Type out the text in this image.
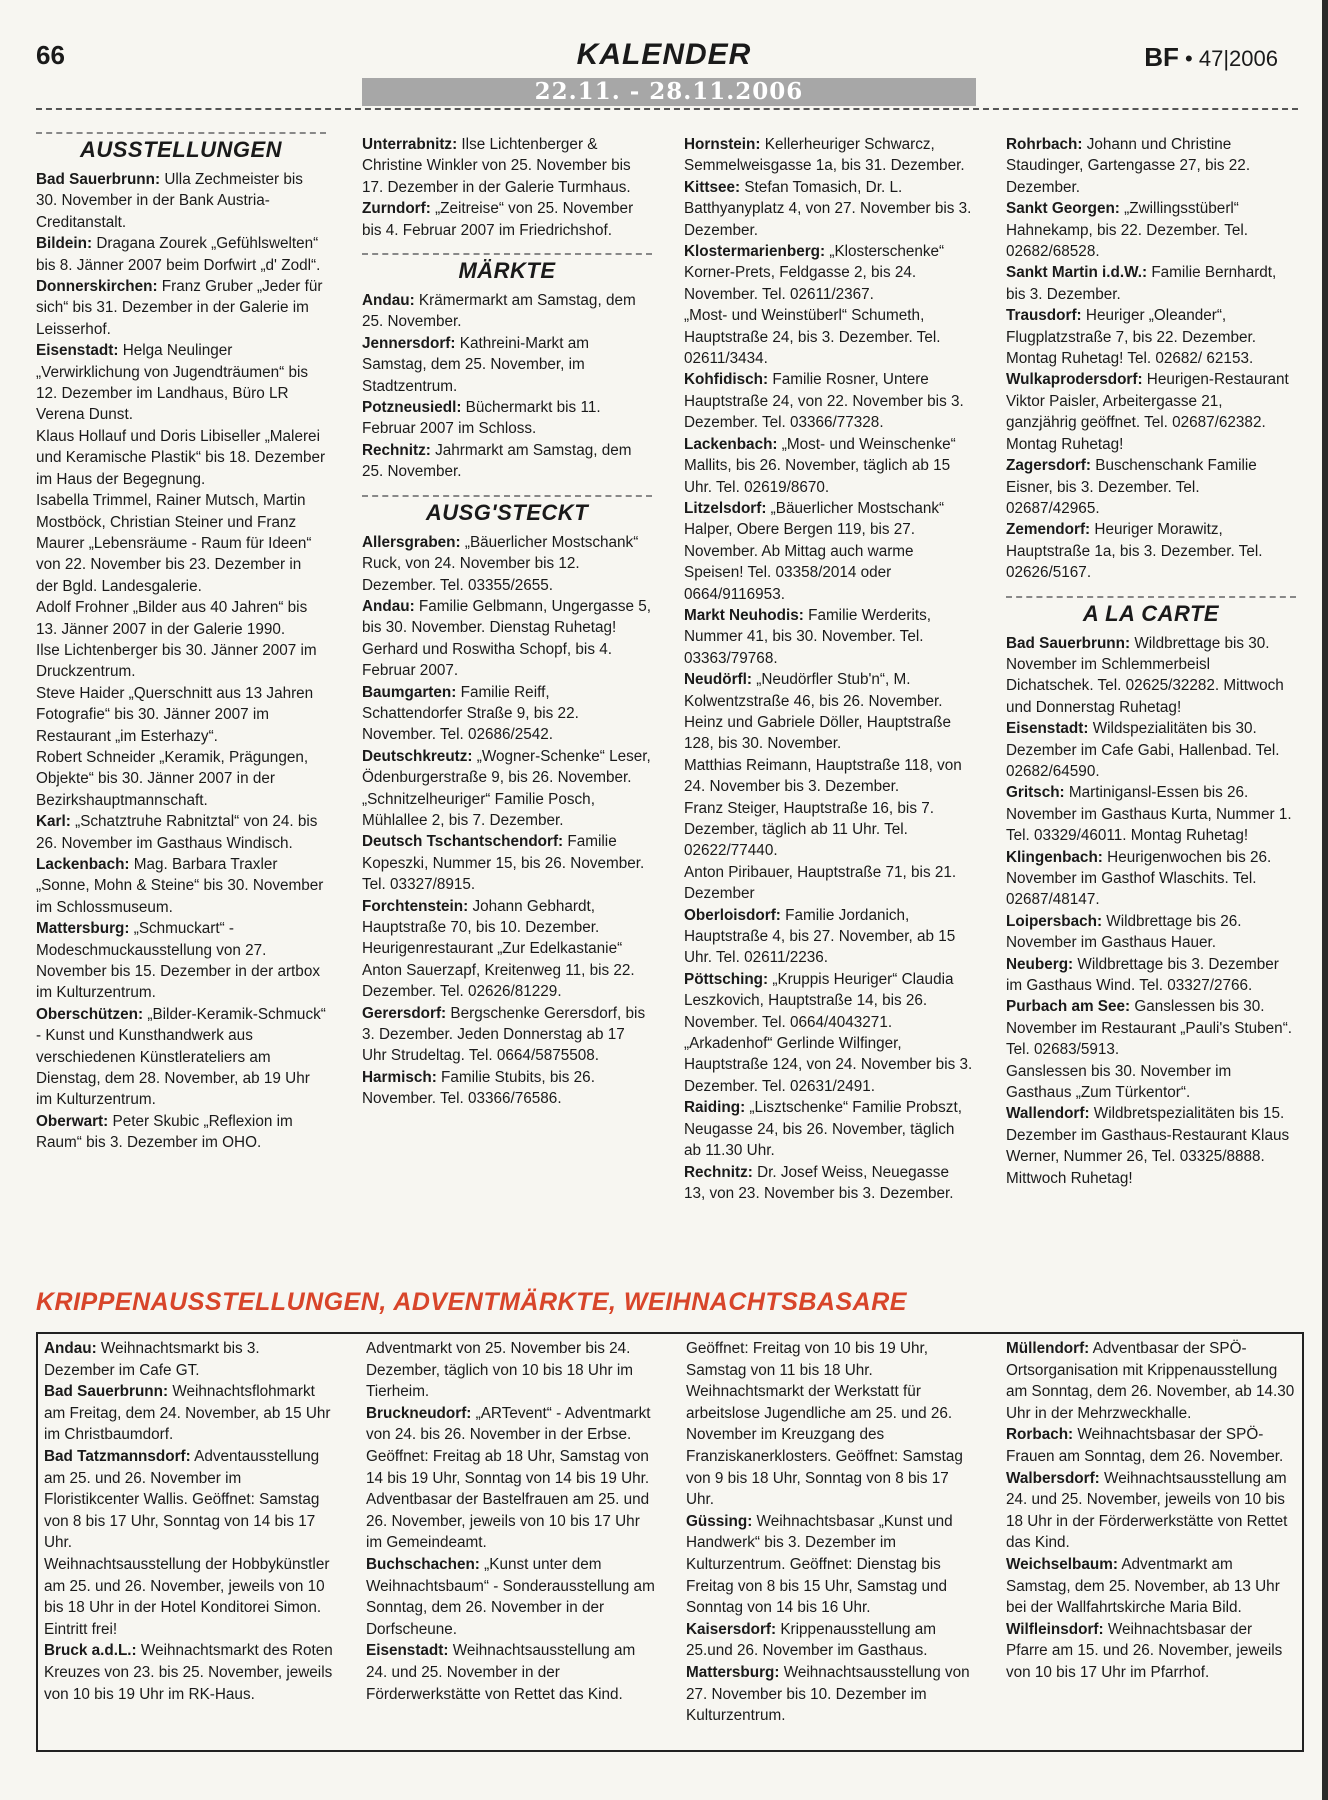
66	KALENDER	BF • 47|2006
22.11. - 28.11.2006
AUSSTELLUNGEN

Bad Sauerbrunn: Ulla Zechmeister bis 30. November in der Bank Austria-Creditanstalt.

Bildein: Dragana Zourek „Gefühlswelten“ bis 8. Jänner 2007 beim Dorfwirt „d' Zodl“.

Donnerskirchen: Franz Gruber „Jeder für sich“ bis 31. Dezember in der Galerie im Leisserhof.

Eisenstadt: Helga Neulinger „Verwirklichung von Jugendträumen“ bis 12. Dezember im Landhaus, Büro LR Verena Dunst.

Klaus Hollauf und Doris Libiseller „Malerei und Keramische Plastik“ bis 18. Dezember im Haus der Begegnung.

Isabella Trimmel, Rainer Mutsch, Martin Mostböck, Christian Steiner und Franz Maurer „Lebensräume - Raum für Ideen“ von 22. November bis 23. Dezember in der Bgld. Landesgalerie.

Adolf Frohner „Bilder aus 40 Jahren“ bis 13. Jänner 2007 in der Galerie 1990.

Ilse Lichtenberger bis 30. Jänner 2007 im Druckzentrum.

Steve Haider „Querschnitt aus 13 Jahren Fotografie“ bis 30. Jänner 2007 im Restaurant „im Esterhazy“.

Robert Schneider „Keramik, Prägungen, Objekte“ bis 30. Jänner 2007 in der Bezirkshauptmannschaft.

Karl: „Schatztruhe Rabnitztal“ von 24. bis 26. November im Gasthaus Windisch.

Lackenbach: Mag. Barbara Traxler „Sonne, Mohn & Steine“ bis 30. November im Schlossmuseum.

Mattersburg: „Schmuckart“ - Modeschmuckausstellung von 27. November bis 15. Dezember in der artbox im Kulturzentrum.

Oberschützen: „Bilder-Keramik-Schmuck“ - Kunst und Kunsthandwerk aus verschiedenen Künstlerateliers am Dienstag, dem 28. November, ab 19 Uhr im Kulturzentrum.

Oberwart: Peter Skubic „Reflexion im Raum“ bis 3. Dezember im OHO.

Unterrabnitz: Ilse Lichtenberger & Christine Winkler von 25. November bis 17. Dezember in der Galerie Turmhaus.

Zurndorf: „Zeitreise“ von 25. November bis 4. Februar 2007 im Friedrichshof.

MÄRKTE

Andau: Krämermarkt am Samstag, dem 25. November.

Jennersdorf: Kathreini-Markt am Samstag, dem 25. November, im Stadtzentrum.

Potzneusiedl: Büchermarkt bis 11. Februar 2007 im Schloss.

Rechnitz: Jahrmarkt am Samstag, dem 25. November.

AUSG'STECKT

Allersgraben: „Bäuerlicher Mostschank“ Ruck, von 24. November bis 12. Dezember. Tel. 03355/2655.

Andau: Familie Gelbmann, Ungergasse 5, bis 30. November. Dienstag Ruhetag!

Gerhard und Roswitha Schopf, bis 4. Februar 2007.

Baumgarten: Familie Reiff, Schattendorfer Straße 9, bis 22. November. Tel. 02686/2542.

Deutschkreutz: „Wogner-Schenke“ Leser, Ödenburgerstraße 9, bis 26. November.

„Schnitzelheuriger“ Familie Posch, Mühlallee 2, bis 7. Dezember.

Deutsch Tschantschendorf: Familie Kopeszki, Nummer 15, bis 26. November. Tel. 03327/8915.

Forchtenstein: Johann Gebhardt, Hauptstraße 70, bis 10. Dezember.

Heurigenrestaurant „Zur Edelkastanie“ Anton Sauerzapf, Kreitenweg 11, bis 22. Dezember. Tel. 02626/81229.

Gerersdorf: Bergschenke Gerersdorf, bis 3. Dezember. Jeden Donnerstag ab 17 Uhr Strudeltag. Tel. 0664/5875508.

Harmisch: Familie Stubits, bis 26. November. Tel. 03366/76586.

Hornstein: Kellerheuriger Schwarcz, Semmelweisgasse 1a, bis 31. Dezember.

Kittsee: Stefan Tomasich, Dr. L. Batthyanyplatz 4, von 27. November bis 3. Dezember.

Klostermarienberg: „Klosterschenke“ Korner-Prets, Feldgasse 2, bis 24. November. Tel. 02611/2367.

„Most- und Weinstüberl“ Schumeth, Hauptstraße 24, bis 3. Dezember. Tel. 02611/3434.

Kohfidisch: Familie Rosner, Untere Hauptstraße 24, von 22. November bis 3. Dezember. Tel. 03366/77328.

Lackenbach: „Most- und Weinschenke“ Mallits, bis 26. November, täglich ab 15 Uhr. Tel. 02619/8670.

Litzelsdorf: „Bäuerlicher Mostschank“ Halper, Obere Bergen 119, bis 27. November. Ab Mittag auch warme Speisen! Tel. 03358/2014 oder 0664/9116953.

Markt Neuhodis: Familie Werderits, Nummer 41, bis 30. November. Tel. 03363/79768.

Neudörfl: „Neudörfler Stub'n“, M. Kolwentzstraße 46, bis 26. November.

Heinz und Gabriele Döller, Hauptstraße 128, bis 30. November.

Matthias Reimann, Hauptstraße 118, von 24. November bis 3. Dezember.

Franz Steiger, Hauptstraße 16, bis 7. Dezember, täglich ab 11 Uhr. Tel. 02622/77440.

Anton Piribauer, Hauptstraße 71, bis 21. Dezember

Oberloisdorf: Familie Jordanich, Hauptstraße 4, bis 27. November, ab 15 Uhr. Tel. 02611/2236.

Pöttsching: „Kruppis Heuriger“ Claudia Leszkovich, Hauptstraße 14, bis 26. November. Tel. 0664/4043271.

„Arkadenhof“ Gerlinde Wilfinger, Hauptstraße 124, von 24. November bis 3. Dezember. Tel. 02631/2491.

Raiding: „Lisztschenke“ Familie Probszt, Neugasse 24, bis 26. November, täglich ab 11.30 Uhr.

Rechnitz: Dr. Josef Weiss, Neuegasse 13, von 23. November bis 3. Dezember.

Rohrbach: Johann und Christine Staudinger, Gartengasse 27, bis 22. Dezember.

Sankt Georgen: „Zwillingsstüberl“ Hahnekamp, bis 22. Dezember. Tel. 02682/68528.

Sankt Martin i.d.W.: Familie Bernhardt, bis 3. Dezember.

Trausdorf: Heuriger „Oleander“, Flugplatzstraße 7, bis 22. Dezember. Montag Ruhetag! Tel. 02682/ 62153.

Wulkaprodersdorf: Heurigen-Restaurant Viktor Paisler, Arbeitergasse 21, ganzjährig geöffnet. Tel. 02687/62382. Montag Ruhetag!

Zagersdorf: Buschenschank Familie Eisner, bis 3. Dezember. Tel. 02687/42965.

Zemendorf: Heuriger Morawitz, Hauptstraße 1a, bis 3. Dezember. Tel. 02626/5167.

A LA CARTE

Bad Sauerbrunn: Wildbrettage bis 30. November im Schlemmerbeisl Dichatschek. Tel. 02625/32282. Mittwoch und Donnerstag Ruhetag!

Eisenstadt: Wildspezialitäten bis 30. Dezember im Cafe Gabi, Hallenbad. Tel. 02682/64590.

Gritsch: Martinigansl-Essen bis 26. November im Gasthaus Kurta, Nummer 1. Tel. 03329/46011. Montag Ruhetag!

Klingenbach: Heurigenwochen bis 26. November im Gasthof Wlaschits. Tel. 02687/48147.

Loipersbach: Wildbrettage bis 26. November im Gasthaus Hauer.

Neuberg: Wildbrettage bis 3. Dezember im Gasthaus Wind. Tel. 03327/2766.

Purbach am See: Ganslessen bis 30. November im Restaurant „Pauli's Stuben“. Tel. 02683/5913.

Ganslessen bis 30. November im Gasthaus „Zum Türkentor“.

Wallendorf: Wildbretspezialitäten bis 15. Dezember im Gasthaus-Restaurant Klaus Werner, Nummer 26, Tel. 03325/8888. Mittwoch Ruhetag!

KRIPPENAUSSTELLUNGEN, ADVENTMÄRKTE, WEIHNACHTSBASARE

Andau: Weihnachtsmarkt bis 3. Dezember im Cafe GT.

Bad Sauerbrunn: Weihnachtsflohmarkt am Freitag, dem 24. November, ab 15 Uhr im Christbaumdorf.

Bad Tatzmannsdorf: Adventausstellung am 25. und 26. November im Floristikcenter Wallis. Geöffnet: Samstag von 8 bis 17 Uhr, Sonntag von 14 bis 17 Uhr.

Weihnachtsausstellung der Hobbykünstler am 25. und 26. November, jeweils von 10 bis 18 Uhr in der Hotel Konditorei Simon. Eintritt frei!

Bruck a.d.L.: Weihnachtsmarkt des Roten Kreuzes von 23. bis 25. November, jeweils von 10 bis 19 Uhr im RK-Haus.

Adventmarkt von 25. November bis 24. Dezember, täglich von 10 bis 18 Uhr im Tierheim.

Bruckneudorf: „ARTevent“ - Adventmarkt von 24. bis 26. November in der Erbse. Geöffnet: Freitag ab 18 Uhr, Samstag von 14 bis 19 Uhr, Sonntag von 14 bis 19 Uhr.

Adventbasar der Bastelfrauen am 25. und 26. November, jeweils von 10 bis 17 Uhr im Gemeindeamt.

Buchschachen: „Kunst unter dem Weihnachtsbaum“ - Sonderausstellung am Sonntag, dem 26. November in der Dorfscheune.

Eisenstadt: Weihnachtsausstellung am 24. und 25. November in der Förderwerkstätte von Rettet das Kind.

Geöffnet: Freitag von 10 bis 19 Uhr, Samstag von 11 bis 18 Uhr.

Weihnachtsmarkt der Werkstatt für arbeitslose Jugendliche am 25. und 26. November im Kreuzgang des Franziskanerklosters. Geöffnet: Samstag von 9 bis 18 Uhr, Sonntag von 8 bis 17 Uhr.

Güssing: Weihnachtsbasar „Kunst und Handwerk“ bis 3. Dezember im Kulturzentrum. Geöffnet: Dienstag bis Freitag von 8 bis 15 Uhr, Samstag und Sonntag von 14 bis 16 Uhr.

Kaisersdorf: Krippenausstellung am 25.und 26. November im Gasthaus.

Mattersburg: Weihnachtsausstellung von 27. November bis 10. Dezember im Kulturzentrum.

Müllendorf: Adventbasar der SPÖ-Ortsorganisation mit Krippenausstellung am Sonntag, dem 26. November, ab 14.30 Uhr in der Mehrzweckhalle.

Rorbach: Weihnachtsbasar der SPÖ-Frauen am Sonntag, dem 26. November.

Walbersdorf: Weihnachtsausstellung am 24. und 25. November, jeweils von 10 bis 18 Uhr in der Förderwerkstätte von Rettet das Kind.

Weichselbaum: Adventmarkt am Samstag, dem 25. November, ab 13 Uhr bei der Wallfahrtskirche Maria Bild.

Wilfleinsdorf: Weihnachtsbasar der Pfarre am 15. und 26. November, jeweils von 10 bis 17 Uhr im Pfarrhof.
